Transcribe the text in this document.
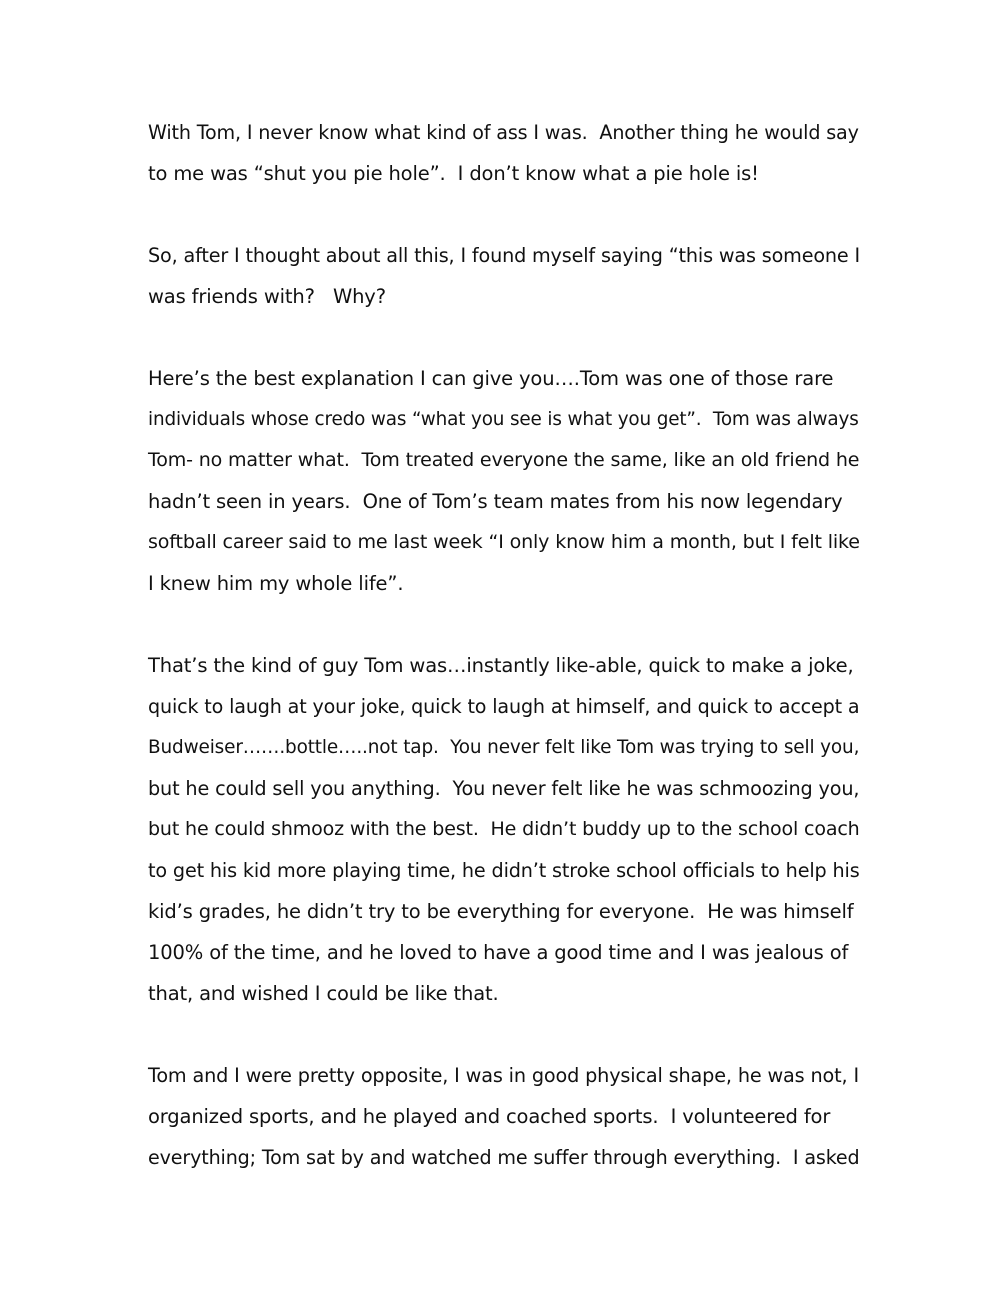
With Tom, I never know what kind of ass I was.  Another thing he would say
to me was “shut you pie hole”.  I don’t know what a pie hole is!
So, after I thought about all this, I found myself saying “this was someone I
was friends with?   Why?
Here’s the best explanation I can give you….Tom was one of those rare
individuals whose credo was “what you see is what you get”.  Tom was always
Tom- no matter what.  Tom treated everyone the same, like an old friend he
hadn’t seen in years.  One of Tom’s team mates from his now legendary
softball career said to me last week “I only know him a month, but I felt like
I knew him my whole life”.
That’s the kind of guy Tom was…instantly like-able, quick to make a joke,
quick to laugh at your joke, quick to laugh at himself, and quick to accept a
Budweiser…….bottle…..not tap.  You never felt like Tom was trying to sell you,
but he could sell you anything.  You never felt like he was schmoozing you,
but he could shmooz with the best.  He didn’t buddy up to the school coach
to get his kid more playing time, he didn’t stroke school officials to help his
kid’s grades, he didn’t try to be everything for everyone.  He was himself
100% of the time, and he loved to have a good time and I was jealous of
that, and wished I could be like that.
Tom and I were pretty opposite, I was in good physical shape, he was not, I
organized sports, and he played and coached sports.  I volunteered for
everything; Tom sat by and watched me suffer through everything.  I asked
